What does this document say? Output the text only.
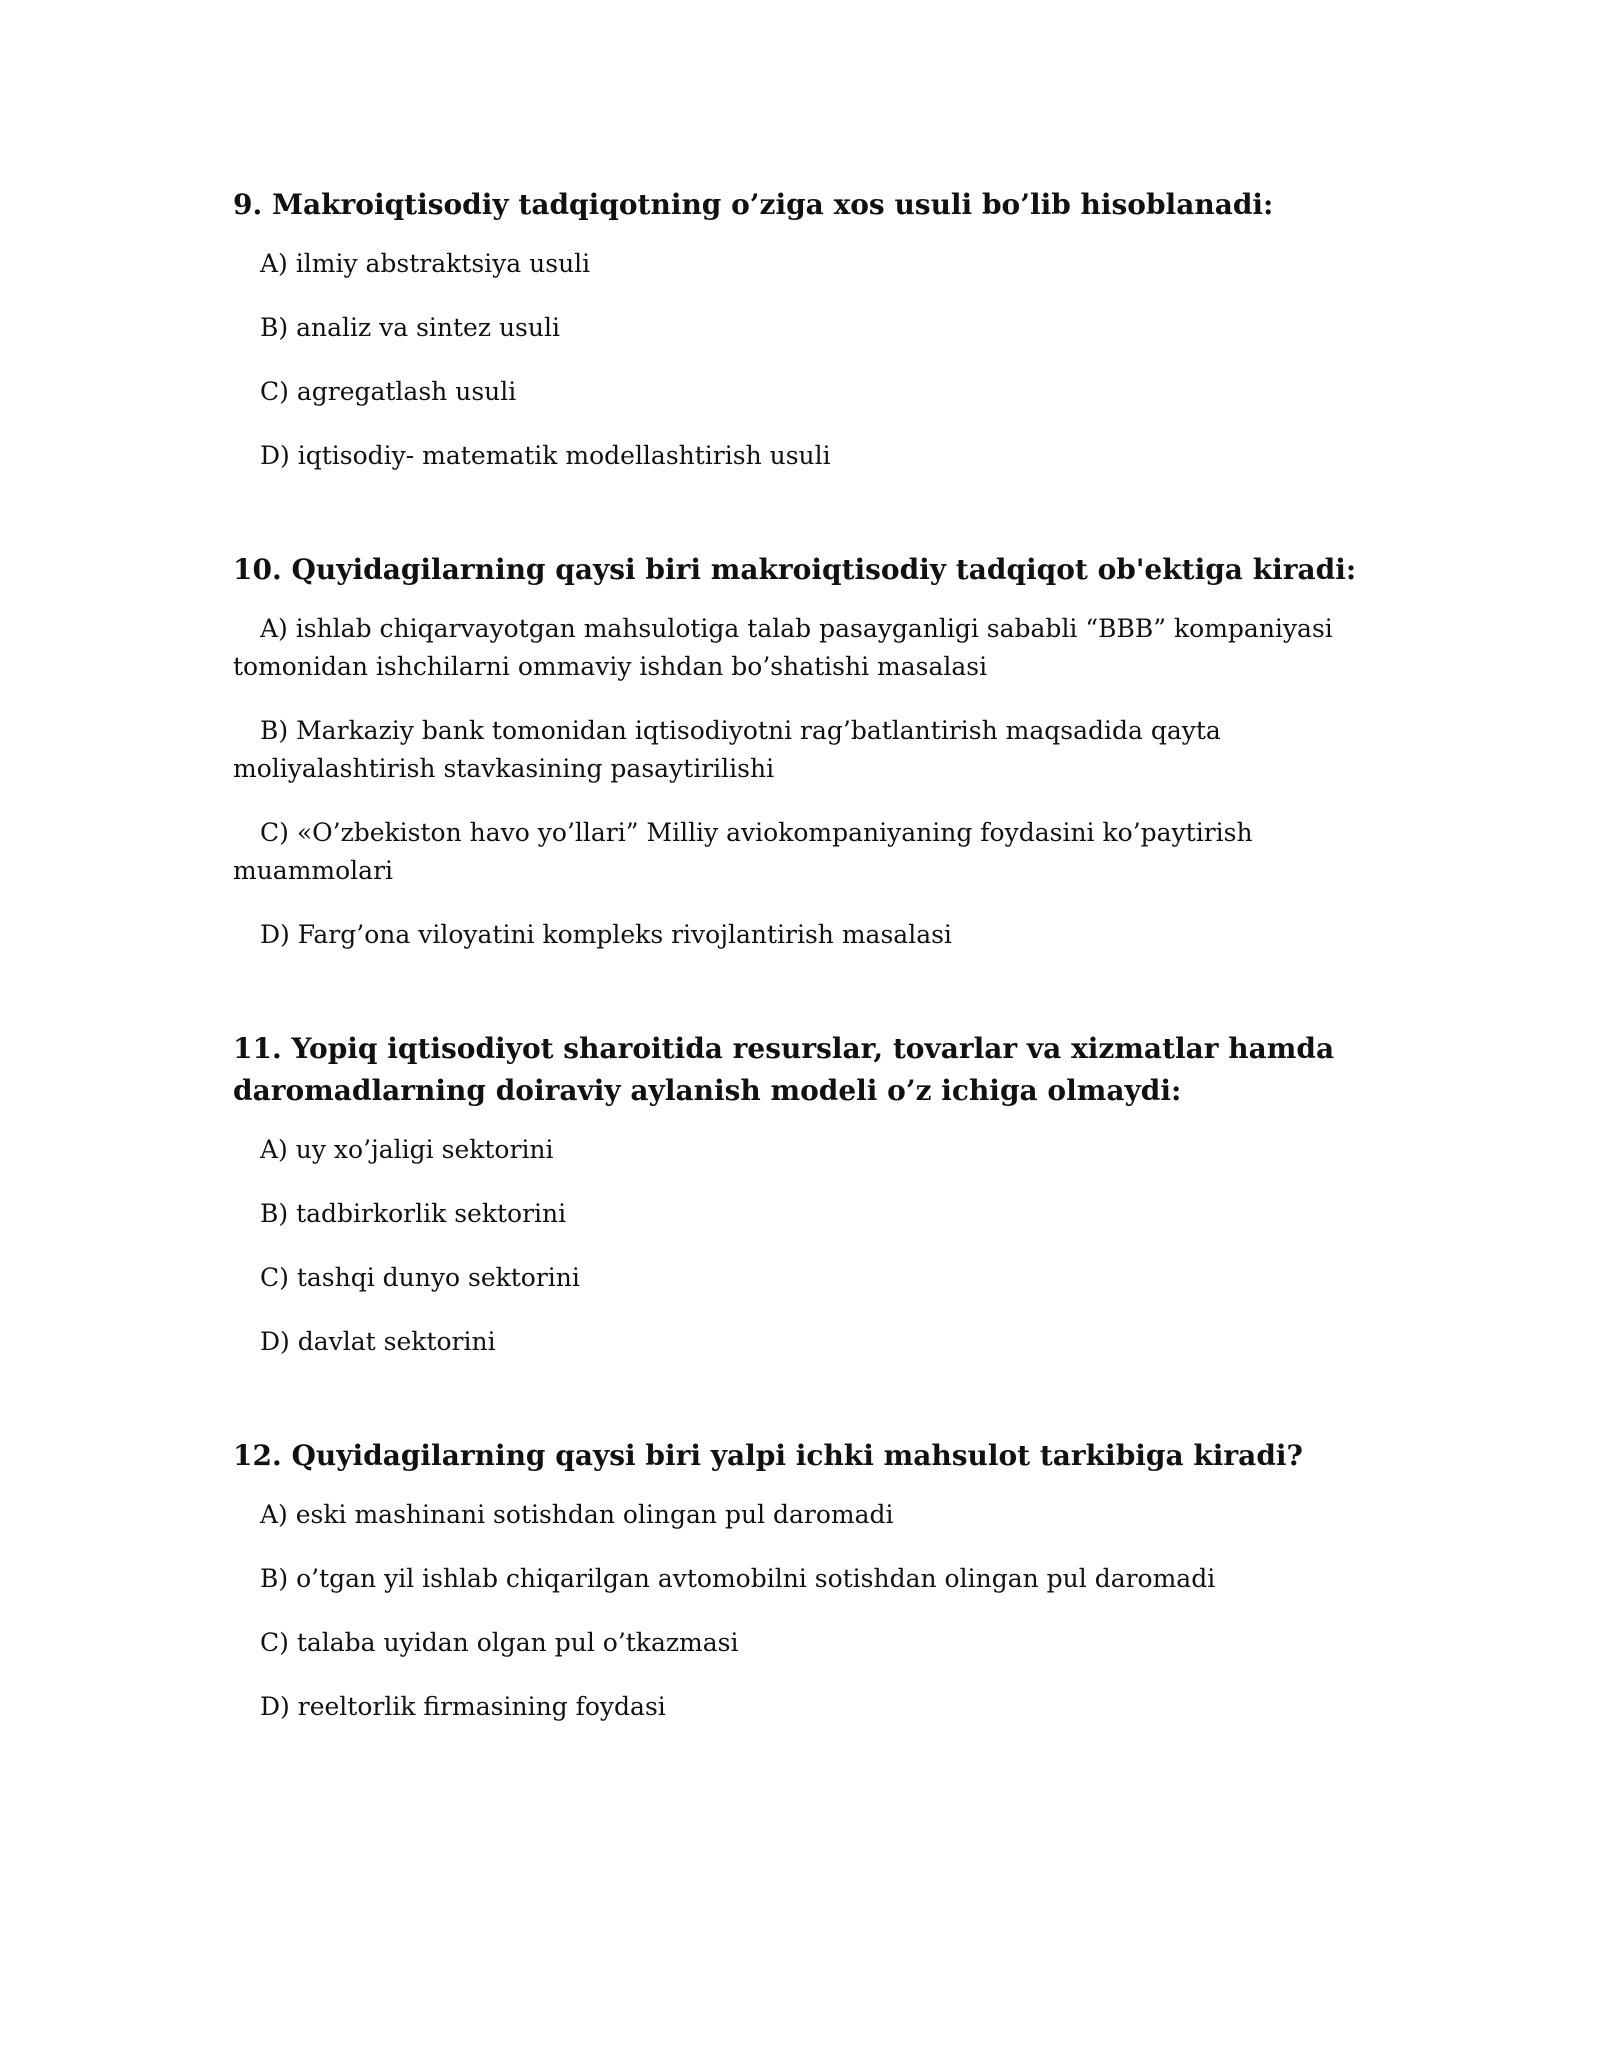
9. Makroiqtisodiy tadqiqotning o’ziga xos usuli bo’lib hisoblanadi:
A) ilmiy abstraktsiya usuli
B) analiz va sintez usuli
C) agregatlash usuli
D) iqtisodiy- matematik modellashtirish usuli
10. Quyidagilarning qaysi biri makroiqtisodiy tadqiqot ob'ektiga kiradi:
A) ishlab chiqarvayotgan mahsulotiga talab pasayganligi sababli “BBB” kompaniyasi tomonidan ishchilarni ommaviy ishdan bo’shatishi masalasi
B) Markaziy bank tomonidan iqtisodiyotni rag’batlantirish maqsadida qayta moliyalashtirish stavkasining pasaytirilishi
C) «O’zbekiston havo yo’llari” Milliy aviokompaniyaning foydasini ko’paytirish muammolari
D) Farg’ona viloyatini kompleks rivojlantirish masalasi
11. Yopiq iqtisodiyot sharoitida resurslar, tovarlar va xizmatlar hamda daromadlarning doiraviy aylanish modeli o’z ichiga olmaydi:
A) uy xo’jaligi sektorini
B) tadbirkorlik sektorini
C) tashqi dunyo sektorini
D) davlat sektorini
12. Quyidagilarning qaysi biri yalpi ichki mahsulot tarkibiga kiradi?
A) eski mashinani sotishdan olingan pul daromadi
B) o’tgan yil ishlab chiqarilgan avtomobilni sotishdan olingan pul daromadi
C) talaba uyidan olgan pul o’tkazmasi
D) reeltorlik firmasining foydasi
